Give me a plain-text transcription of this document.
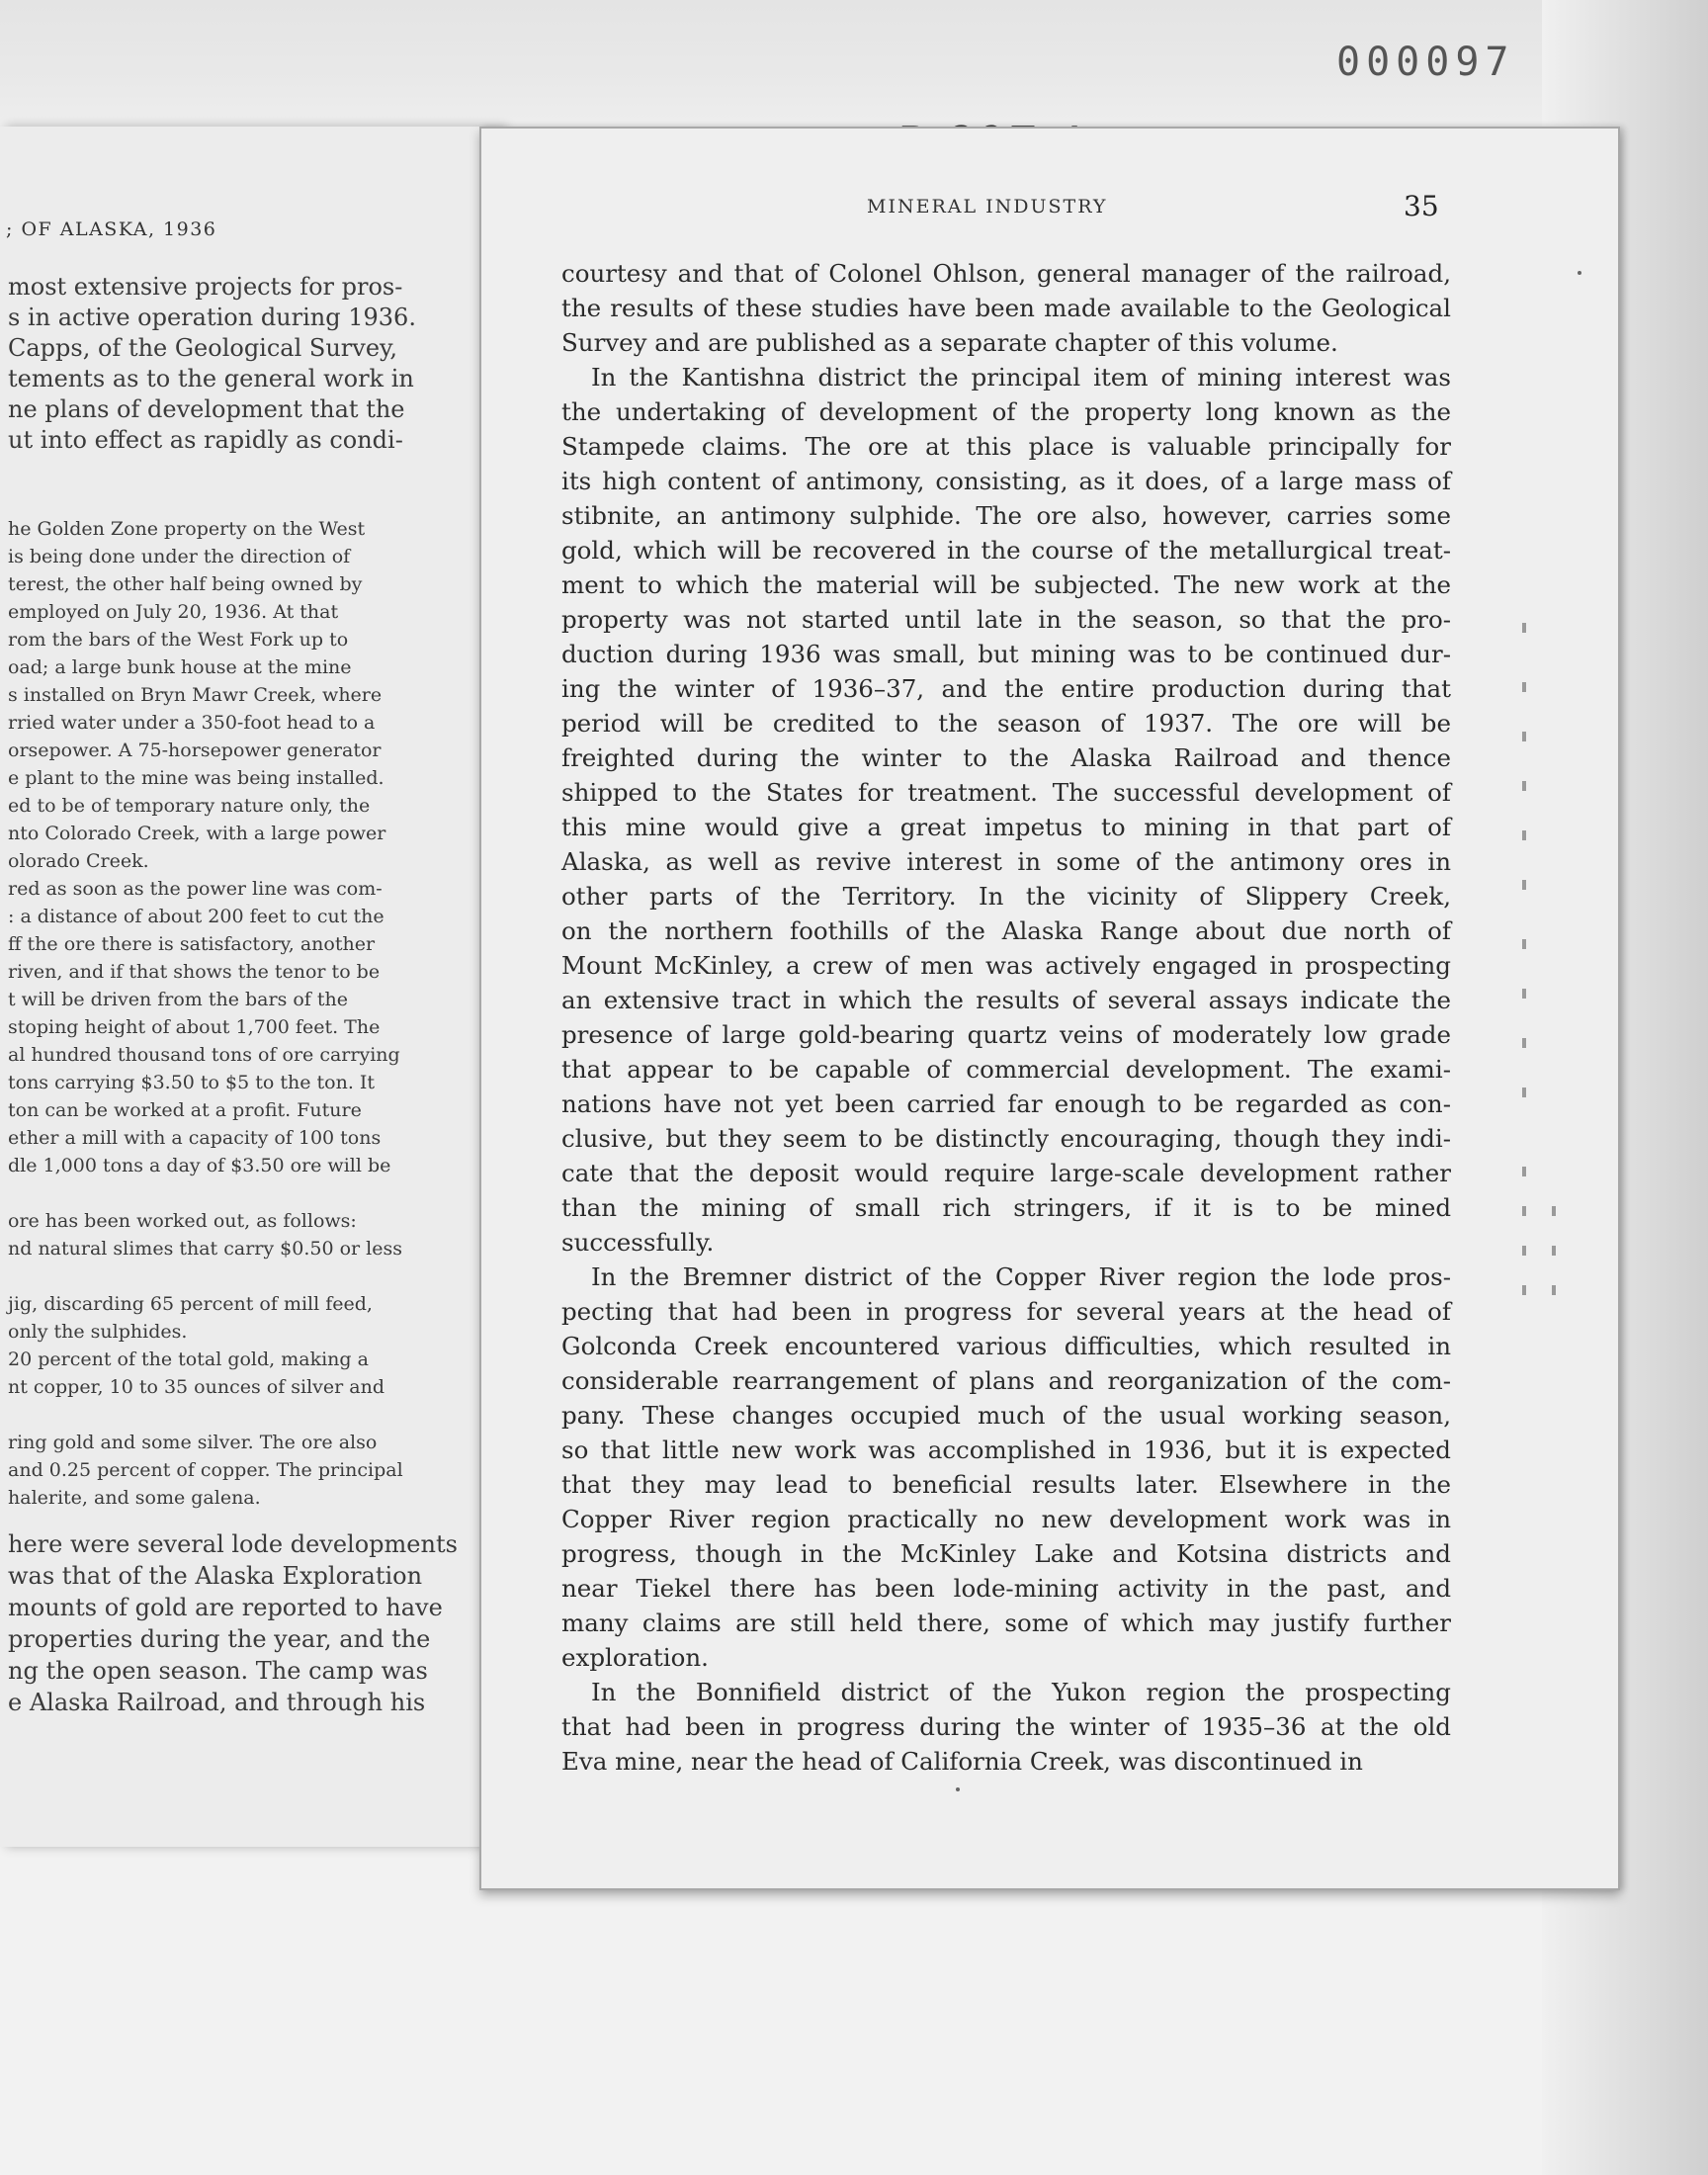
000097
; OF ALASKA, 1936
most extensive projects for pros-
s in active operation during 1936.
Capps, of the Geological Survey,
tements as to the general work in
ne plans of development that the
ut into effect as rapidly as condi-
he Golden Zone property on the West
is being done under the direction of
terest, the other half being owned by
employed on July 20, 1936. At that
rom the bars of the West Fork up to
oad; a large bunk house at the mine
s installed on Bryn Mawr Creek, where
rried water under a 350-foot head to a
orsepower. A 75-horsepower generator
e plant to the mine was being installed.
ed to be of temporary nature only, the
nto Colorado Creek, with a large power
olorado Creek.
red as soon as the power line was com-
: a distance of about 200 feet to cut the
ff the ore there is satisfactory, another
riven, and if that shows the tenor to be
t will be driven from the bars of the
stoping height of about 1,700 feet. The
al hundred thousand tons of ore carrying
tons carrying $3.50 to $5 to the ton. It
ton can be worked at a profit. Future
ether a mill with a capacity of 100 tons
dle 1,000 tons a day of $3.50 ore will be
ore has been worked out, as follows:
nd natural slimes that carry $0.50 or less
jig, discarding 65 percent of mill feed,
only the sulphides.
20 percent of the total gold, making a
nt copper, 10 to 35 ounces of silver and
ring gold and some silver. The ore also
and 0.25 percent of copper. The principal
halerite, and some galena.
here were several lode developments
was that of the Alaska Exploration
mounts of gold are reported to have
properties during the year, and the
ng the open season. The camp was
e Alaska Railroad, and through his
MINERAL INDUSTRY	35
courtesy and that of Colonel Ohlson, general manager of the railroad,
the results of these studies have been made available to the Geological
Survey and are published as a separate chapter of this volume.
In the Kantishna district the principal item of mining interest was
the undertaking of development of the property long known as the
Stampede claims. The ore at this place is valuable principally for
its high content of antimony, consisting, as it does, of a large mass of
stibnite, an antimony sulphide. The ore also, however, carries some
gold, which will be recovered in the course of the metallurgical treat-
ment to which the material will be subjected. The new work at the
property was not started until late in the season, so that the pro-
duction during 1936 was small, but mining was to be continued dur-
ing the winter of 1936–37, and the entire production during that
period will be credited to the season of 1937. The ore will be
freighted during the winter to the Alaska Railroad and thence
shipped to the States for treatment. The successful development of
this mine would give a great impetus to mining in that part of
Alaska, as well as revive interest in some of the antimony ores in
other parts of the Territory. In the vicinity of Slippery Creek,
on the northern foothills of the Alaska Range about due north of
Mount McKinley, a crew of men was actively engaged in prospecting
an extensive tract in which the results of several assays indicate the
presence of large gold-bearing quartz veins of moderately low grade
that appear to be capable of commercial development. The exami-
nations have not yet been carried far enough to be regarded as con-
clusive, but they seem to be distinctly encouraging, though they indi-
cate that the deposit would require large-scale development rather
than the mining of small rich stringers, if it is to be mined
successfully.
In the Bremner district of the Copper River region the lode pros-
pecting that had been in progress for several years at the head of
Golconda Creek encountered various difficulties, which resulted in
considerable rearrangement of plans and reorganization of the com-
pany. These changes occupied much of the usual working season,
so that little new work was accomplished in 1936, but it is expected
that they may lead to beneficial results later. Elsewhere in the
Copper River region practically no new development work was in
progress, though in the McKinley Lake and Kotsina districts and
near Tiekel there has been lode-mining activity in the past, and
many claims are still held there, some of which may justify further
exploration.
In the Bonnifield district of the Yukon region the prospecting
that had been in progress during the winter of 1935–36 at the old
Eva mine, near the head of California Creek, was discontinued in
